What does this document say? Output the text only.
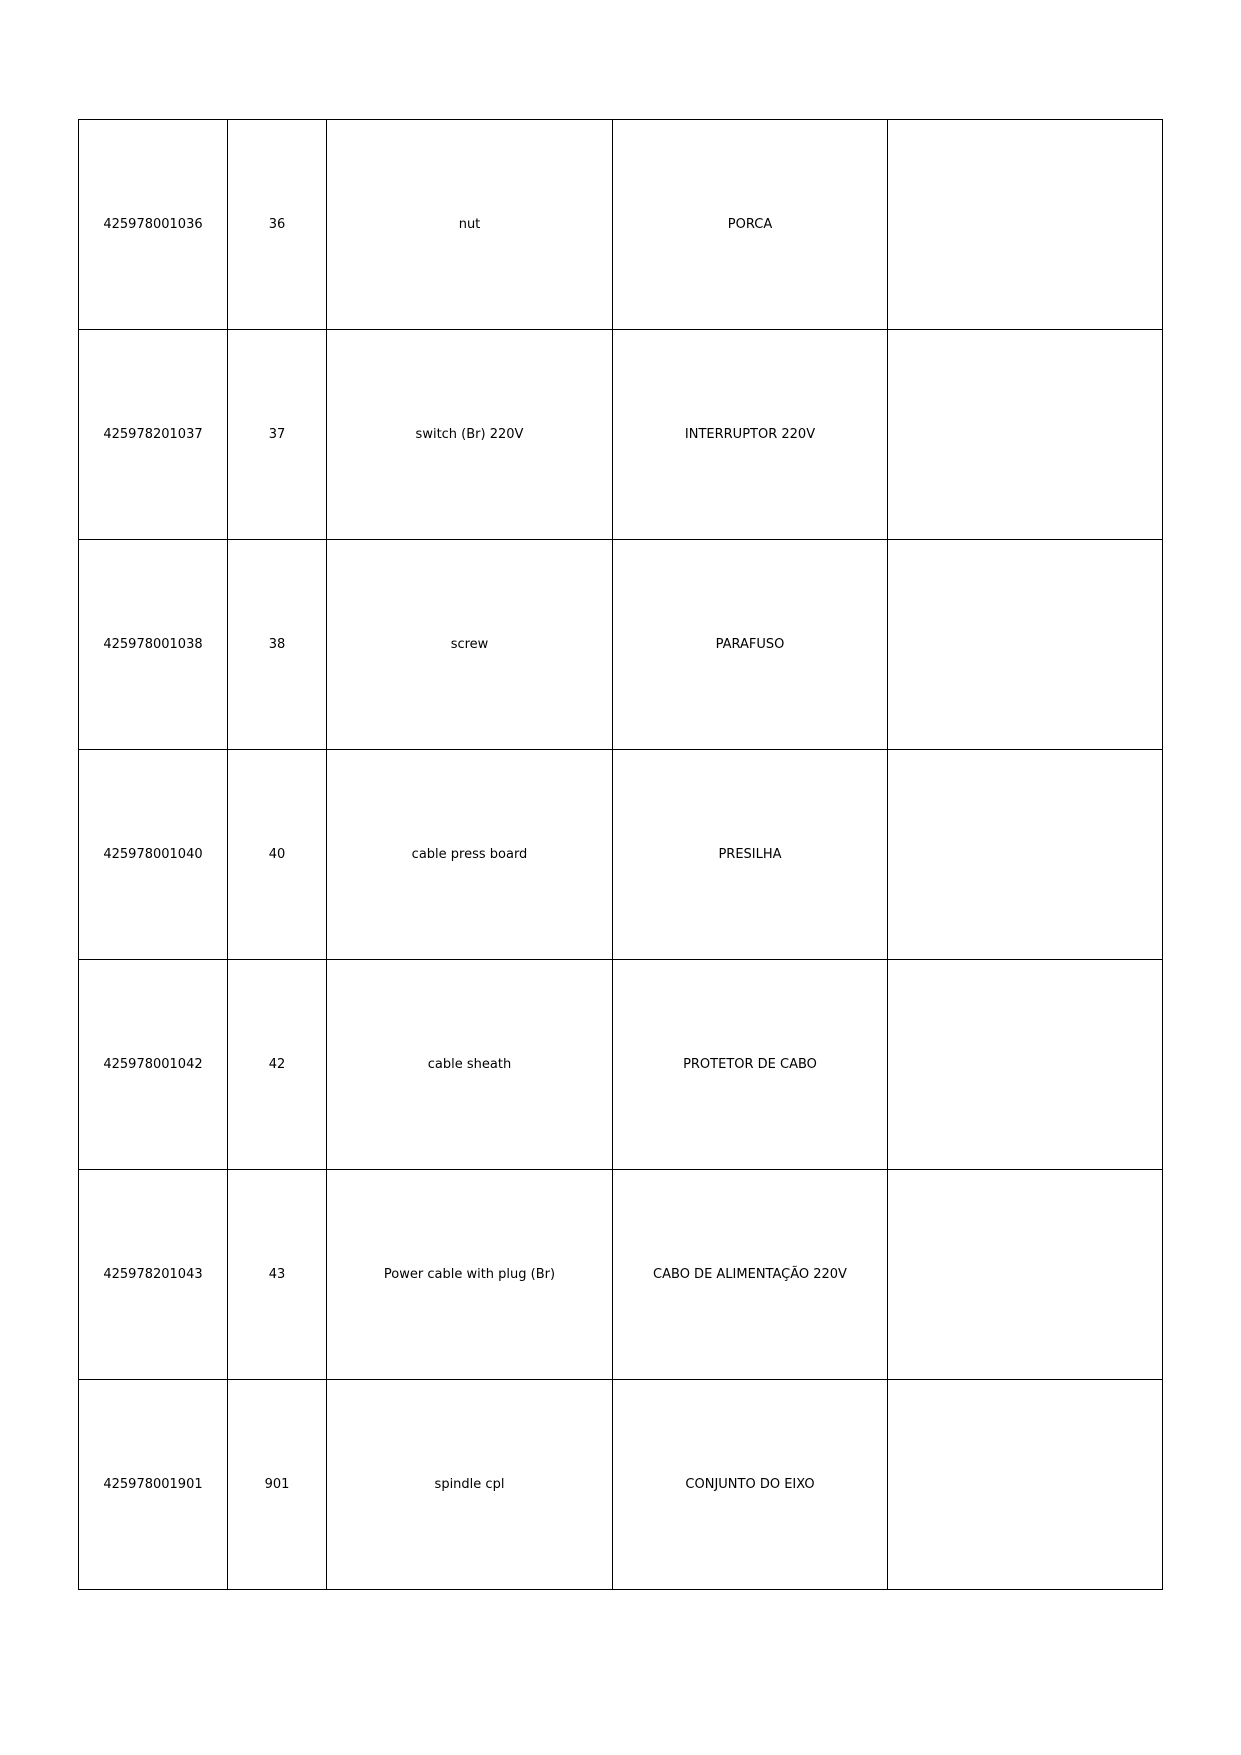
425978001036	36	nut	PORCA	
425978201037	37	switch (Br) 220V	INTERRUPTOR 220V	
425978001038	38	screw	PARAFUSO	
425978001040	40	cable press board	PRESILHA	
425978001042	42	cable sheath	PROTETOR DE CABO	
425978201043	43	Power cable with plug (Br)	CABO DE ALIMENTAÇÃO 220V	
425978001901	901	spindle cpl	CONJUNTO DO EIXO	
